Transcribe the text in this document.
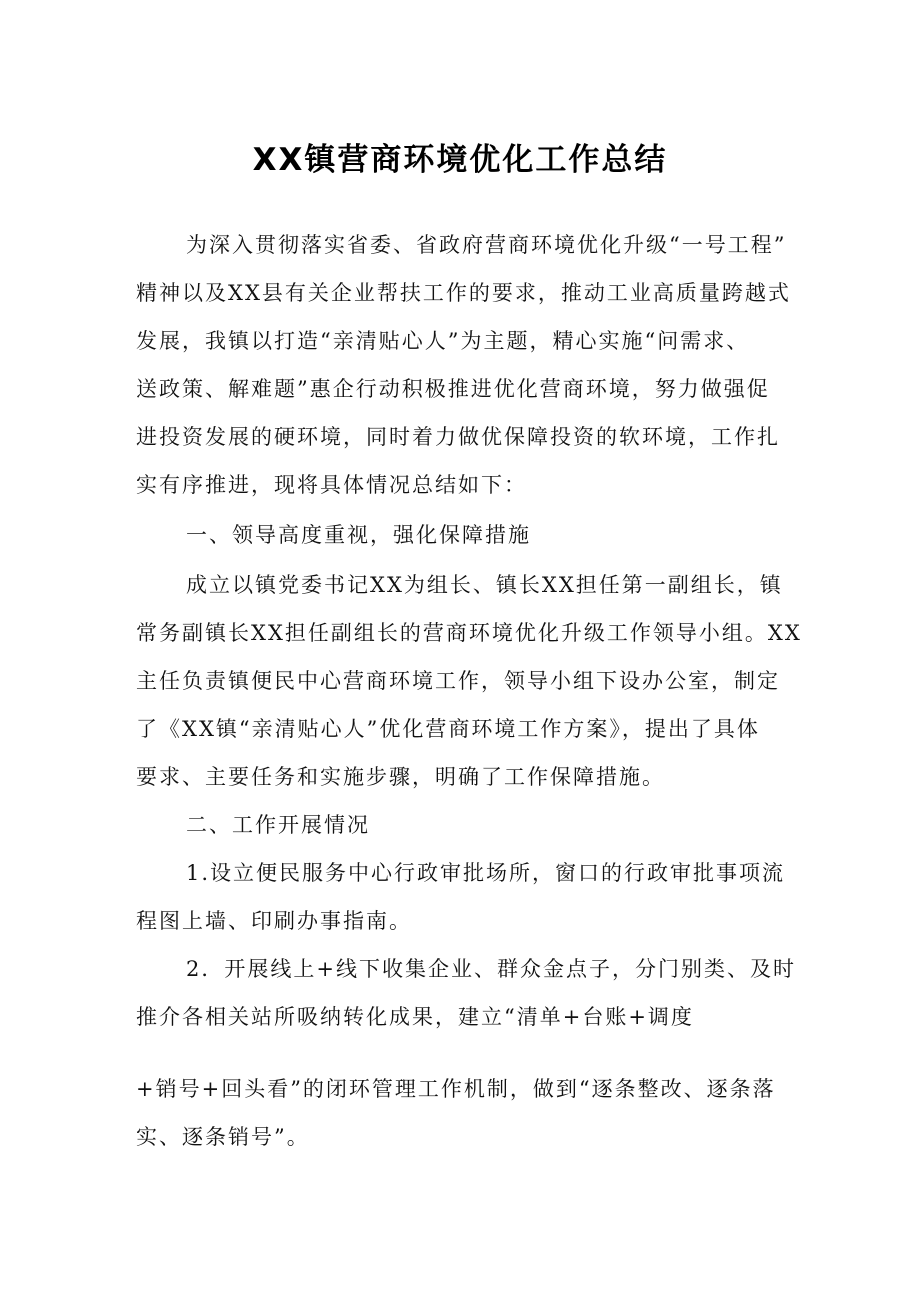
XX镇营商环境优化工作总结
为深入贯彻落实省委、省政府营商环境优化升级“一号工程”
精神以及XX县有关企业帮扶工作的要求，推动工业高质量跨越式
发展，我镇以打造“亲清贴心人”为主题，精心实施“问需求、
送政策、解难题”惠企行动积极推进优化营商环境，努力做强促
进投资发展的硬环境，同时着力做优保障投资的软环境，工作扎
实有序推进，现将具体情况总结如下：
一、领导高度重视，强化保障措施
成立以镇党委书记XX为组长、镇长XX担任第一副组长，镇
常务副镇长XX担任副组长的营商环境优化升级工作领导小组。XX
主任负责镇便民中心营商环境工作，领导小组下设办公室，制定
了《XX镇“亲清贴心人”优化营商环境工作方案》，提出了具体
要求、主要任务和实施步骤，明确了工作保障措施。
二、工作开展情况
1.设立便民服务中心行政审批场所，窗口的行政审批事项流
程图上墙、印刷办事指南。
2．开展线上+线下收集企业、群众金点子，分门别类、及时
推介各相关站所吸纳转化成果，建立“清单+台账+调度
+销号+回头看”的闭环管理工作机制，做到“逐条整改、逐条落
实、逐条销号”。
